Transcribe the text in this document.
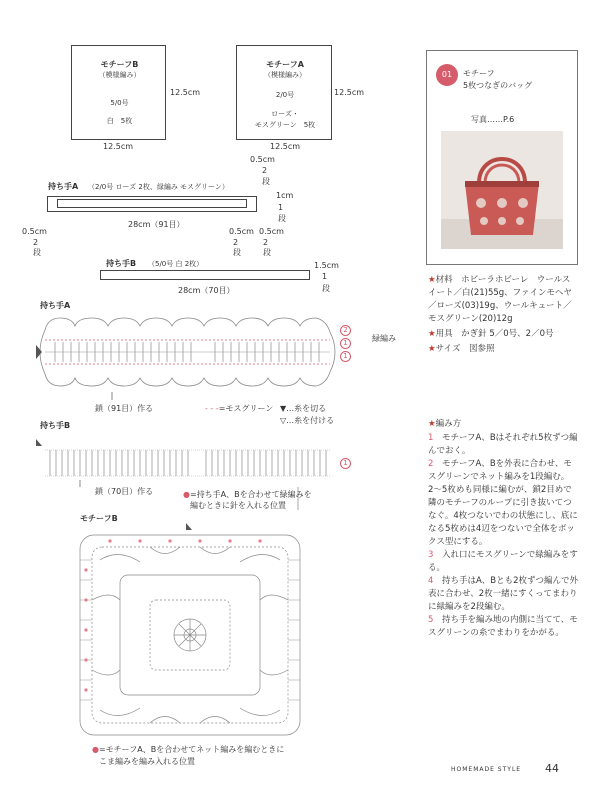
モチーフB
（模様編み）
5/0号
白　5枚
12.5cm
12.5cm
モチーフA
（模様編み）
2/0号
ローズ・
モスグリーン　5枚
12.5cm
12.5cm
01	モチーフ
5枚つなぎのバッグ
写真……P.6
持ち手A （2/0号 ローズ 2枚、緑編み モスグリーン）
28cm（91目）
0.5cm
2
段
1cm
1
段
0.5cm	0.5cm 0.5cm
2
段
2
段
2
段
持ち手B （5/0号 白 2枚）
28cm（70目）
1.5cm
1
段
★材料　 ホビーラホビーレ　ウールスイート／白(21)55g、ファインモヘヤ／ローズ(03)19g、ウールキュート／モスグリーン(20)12g
★用具　 かぎ針 5／0号、2／0号
★サイズ　 図参照
★編み方
1　 モチーフA、Bはそれぞれ5枚ずつ編んでおく。
2　 モチーフA、Bを外表に合わせ、モスグリーンでネット編みを1段編む。2〜5枚めも同様に編むが、鎖2目めで隣のモチーフのループに引き抜いてつなぐ。4枚つないでわの状態にし、底になる5枚めは4辺をつないで全体をボックス型にする。
3　 入れ口にモスグリーンで緑編みをする。
4　 持ち手はA、Bとも2枚ずつ編んで外表に合わせ、2枚一緒にすくってまわりに緑編みを2段編む。
5　 持ち手を編み地の内側に当てて、モスグリーンの糸でまわりをかがる。
持ち手A
2
1
1
緑編み
鎖（91目）作る	- - -=モスグリーン ▼…糸を切る
▽…糸を付ける
持ち手B
1
鎖（70目）作る	●=持ち手A、Bを合わせて緑編みを
編むときに針を入れる位置
モチーフB
●=モチーフA、Bを合わせてネット編みを編むときに
こま編みを編み入れる位置
HOMEMADE STYLE 44
